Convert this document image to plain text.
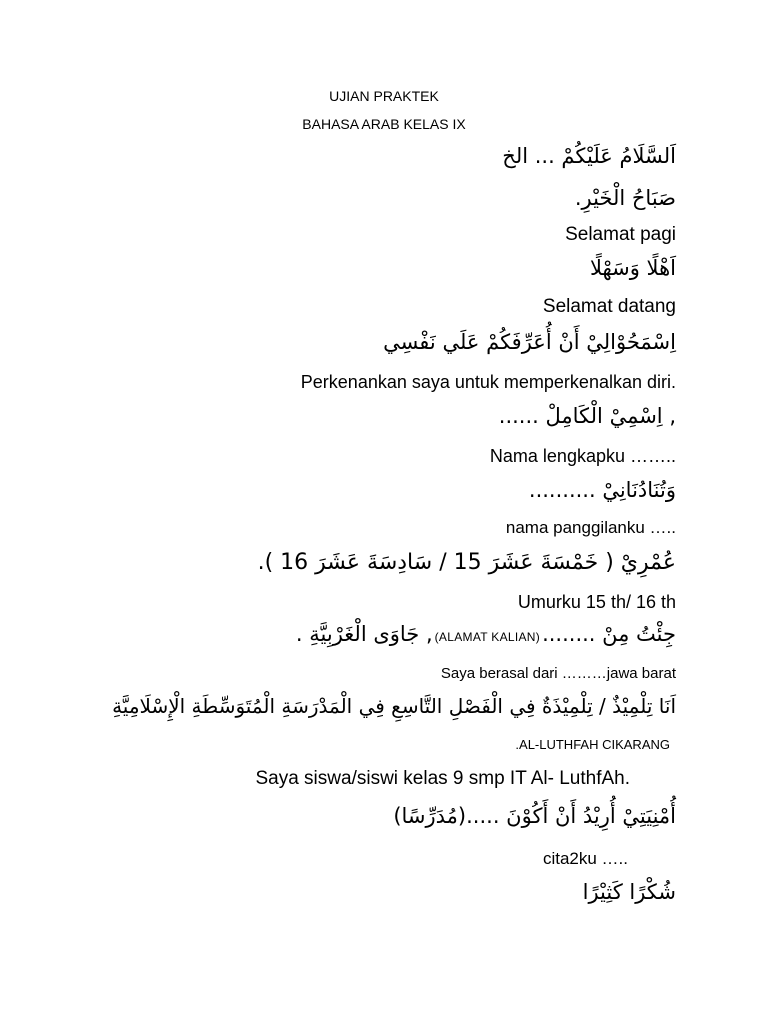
UJIAN PRAKTEK
BAHASA ARAB KELAS IX
اَلسَّلَامُ عَلَيْكُمْ ... الخ
صَبَاحُ الْخَيْرِ.
Selamat pagi
اَهْلًا وَسَهْلًا
Selamat datang
اِسْمَحُوْالِيْ أَنْ أُعَرِّفَكُمْ عَلَي نَفْسِي
Perkenankan saya untuk memperkenalkan diri.
, اِسْمِيْ الْكَامِلْ ......
Nama lengkapku ……..
وَتُنَادُنَانِيْ ..........
nama panggilanku …..
عُمْرِيْ ( خَمْسَةَ عَشَرَ 15 / سَادِسَةَ عَشَرَ 16 ).
Umurku 15 th/ 16 th
, جَاوَى الْغَرْبِيَّةِ . (ALAMAT KALIAN)جِئْتُ مِنْ ........
Saya berasal dari ………jawa barat
اَنَا تِلْمِيْذٌ / تِلْمِيْذَةٌ فِي الْفَصْلِ التَّاسِعِ فِي الْمَدْرَسَةِ الْمُتَوَسِّطَةِ الْإِسْلَامِيَّةِ
.AL-LUTHFAH CIKARANG
Saya siswa/siswi kelas 9 smp IT Al- LuthfAh.
أُمْنِيَتِيْ أُرِيْدُ أَنْ أَكُوْنَ .....(مُدَرِّسًا)
cita2ku …..
شُكْرًا كَثِيْرًا
